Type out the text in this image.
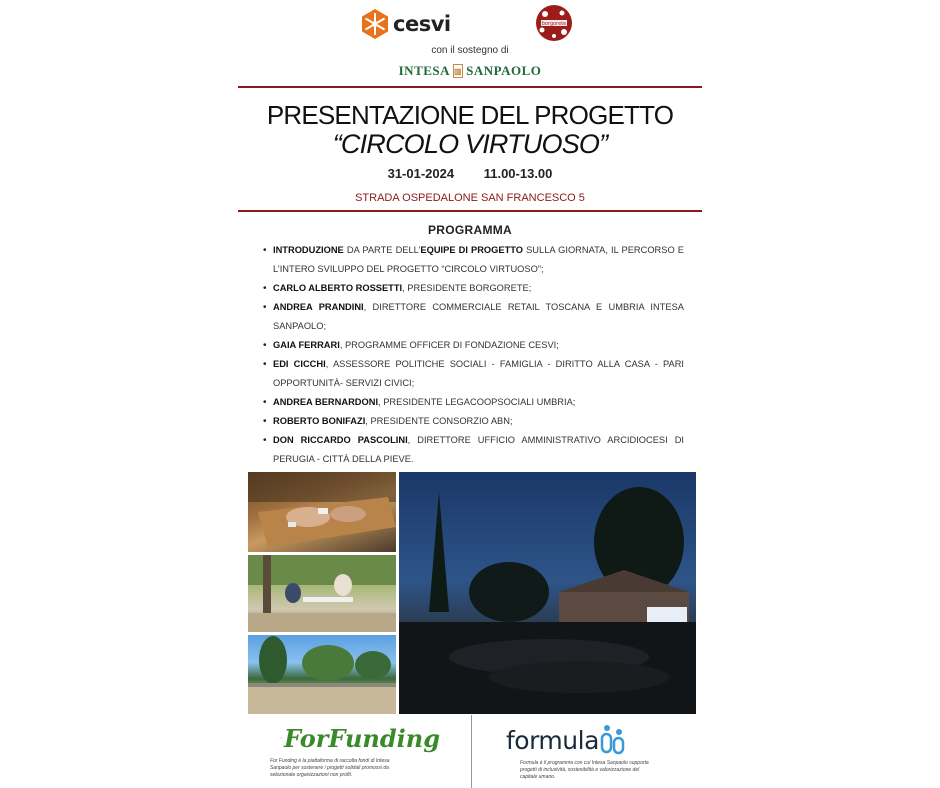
cesvi	borgorete
con il sostegno di
INTESA ▥ SANPAOLO
PRESENTAZIONE DEL PROGETTO
“CIRCOLO VIRTUOSO”
31-01-2024 11.00-13.00
STRADA OSPEDALONE SAN FRANCESCO 5
PROGRAMMA
• INTRODUZIONE DA PARTE DELL’EQUIPE DI PROGETTO SULLA GIORNATA, IL PERCORSO E L’INTERO SVILUPPO DEL PROGETTO “CIRCOLO VIRTUOSO”;
• CARLO ALBERTO ROSSETTI, PRESIDENTE BORGORETE;
• ANDREA PRANDINI, DIRETTORE COMMERCIALE RETAIL TOSCANA E UMBRIA INTESA SANPAOLO;
• GAIA FERRARI, PROGRAMME OFFICER DI FONDAZIONE CESVI;
• EDI CICCHI, ASSESSORE POLITICHE SOCIALI - FAMIGLIA - DIRITTO ALLA CASA - PARI OPPORTUNITÀ- SERVIZI CIVICI;
• ANDREA BERNARDONI, PRESIDENTE LEGACOOPSOCIALI UMBRIA;
• ROBERTO BONIFAZI, PRESIDENTE CONSORZIO ABN;
• DON RICCARDO PASCOLINI, DIRETTORE UFFICIO AMMINISTRATIVO ARCIDIOCESI DI PERUGIA - CITTÀ DELLA PIEVE.
ForFunding
For Funding è la piattaforma di raccolta fondi di Intesa Sanpaolo per sostenere i progetti solidali promossi da selezionate organizzazioni non profit.
formula
Formula è il programma con cui Intesa Sanpaolo supporta progetti di inclusività, sostenibilità e valorizzazione del capitale umano.
